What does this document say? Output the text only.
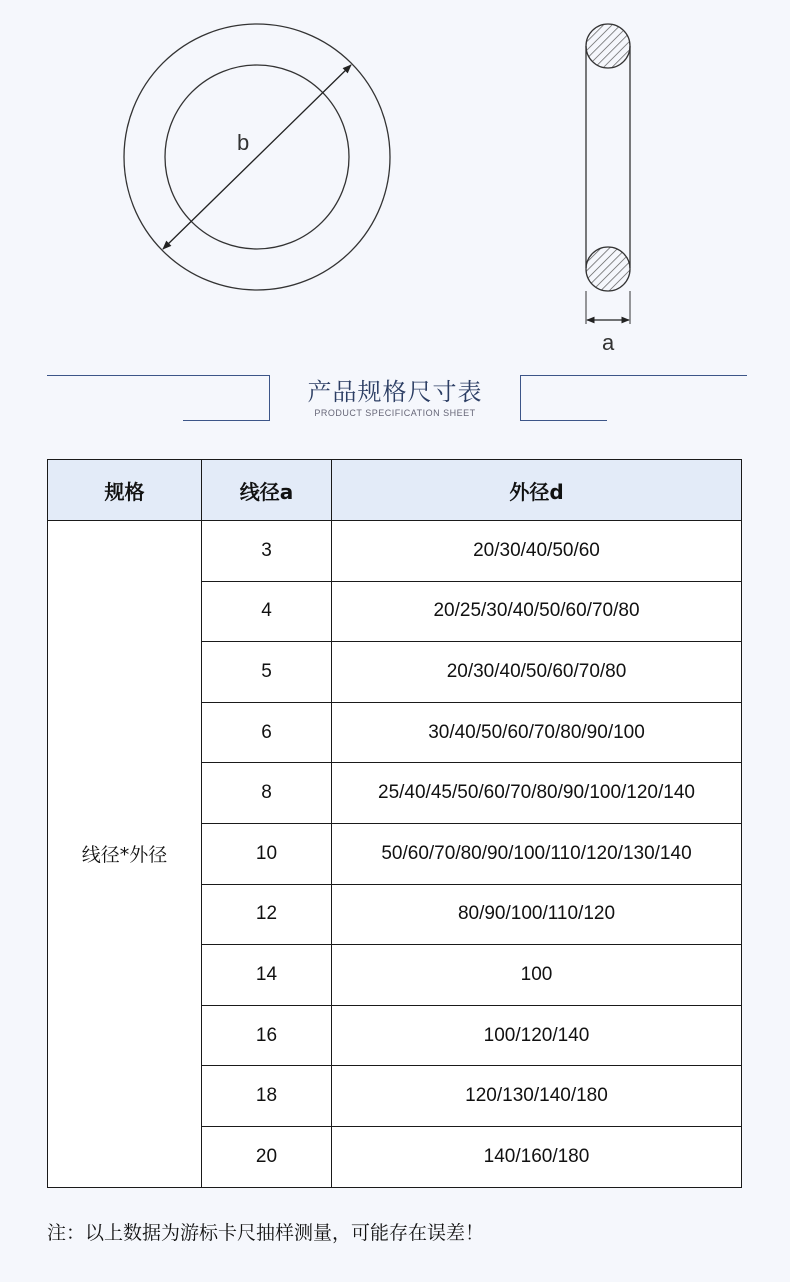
b
a
产品规格尺寸表
PRODUCT SPECIFICATION SHEET
规格	线径a	外径d
线径*外径	3	20/30/40/50/60
	4	20/25/30/40/50/60/70/80
	5	20/30/40/50/60/70/80
	6	30/40/50/60/70/80/90/100
	8	25/40/45/50/60/70/80/90/100/120/140
	10	50/60/70/80/90/100/110/120/130/140
	12	80/90/100/110/120
	14	100
	16	100/120/140
	18	120/130/140/180
	20	140/160/180
注：以上数据为游标卡尺抽样测量，可能存在误差！
